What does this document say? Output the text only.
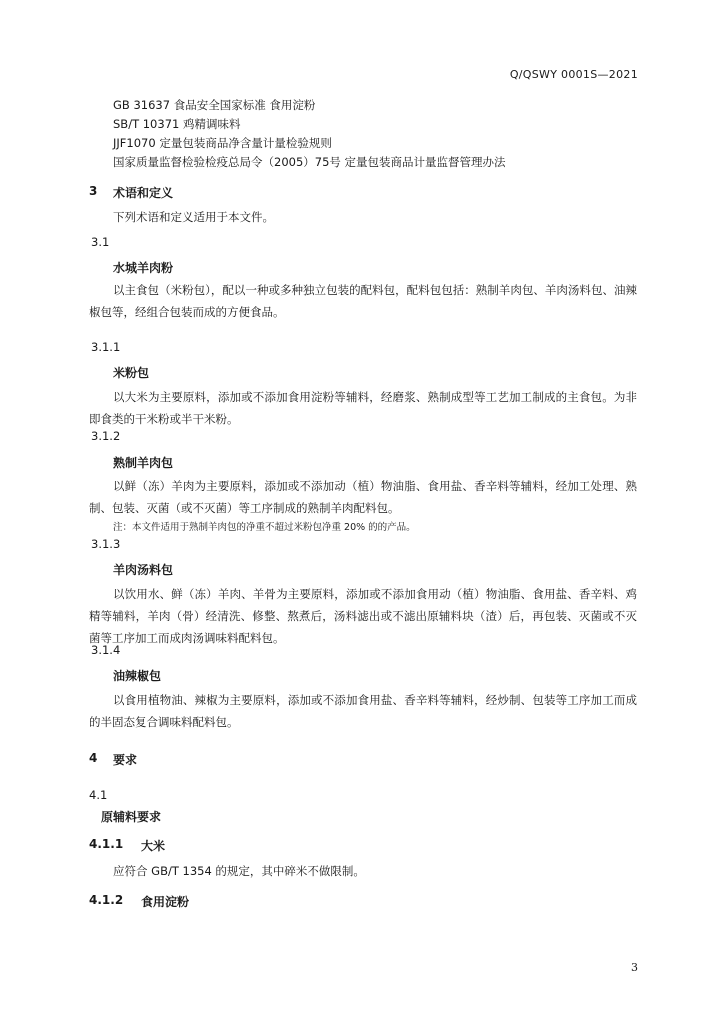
Q/QSWY 0001S—2021
GB 31637 食品安全国家标准 食用淀粉
SB/T 10371 鸡精调味料
JJF1070 定量包装商品净含量计量检验规则
国家质量监督检验检疫总局令（2005）75号 定量包装商品计量监督管理办法
3 术语和定义

下列术语和定义适用于本文件。

3.1
水城羊肉粉

以主食包（米粉包），配以一种或多种独立包装的配料包，配料包包括：熟制羊肉包、羊肉汤料包、油辣椒包等，经组合包装而成的方便食品。

3.1.1
米粉包

以大米为主要原料，添加或不添加食用淀粉等辅料，经磨浆、熟制成型等工艺加工制成的主食包。为非即食类的干米粉或半干米粉。

3.1.2
熟制羊肉包

以鲜（冻）羊肉为主要原料，添加或不添加动（植）物油脂、食用盐、香辛料等辅料，经加工处理、熟制、包装、灭菌（或不灭菌）等工序制成的熟制羊肉配料包。

注：本文件适用于熟制羊肉包的净重不超过米粉包净重 20% 的的产品。
3.1.3
羊肉汤料包

以饮用水、鲜（冻）羊肉、羊骨为主要原料，添加或不添加食用动（植）物油脂、食用盐、香辛料、鸡精等辅料，羊肉（骨）经清洗、修整、熬煮后，汤料滤出或不滤出原辅料块（渣）后，再包装、灭菌或不灭菌等工序加工而成肉汤调味料配料包。

3.1.4
油辣椒包

以食用植物油、辣椒为主要原料，添加或不添加食用盐、香辛料等辅料，经炒制、包装等工序加工而成的半固态复合调味料配料包。

4 要求
4.1
原辅料要求
4.1.1 大米

应符合 GB/T 1354 的规定，其中碎米不做限制。

4.1.2 食用淀粉
3
